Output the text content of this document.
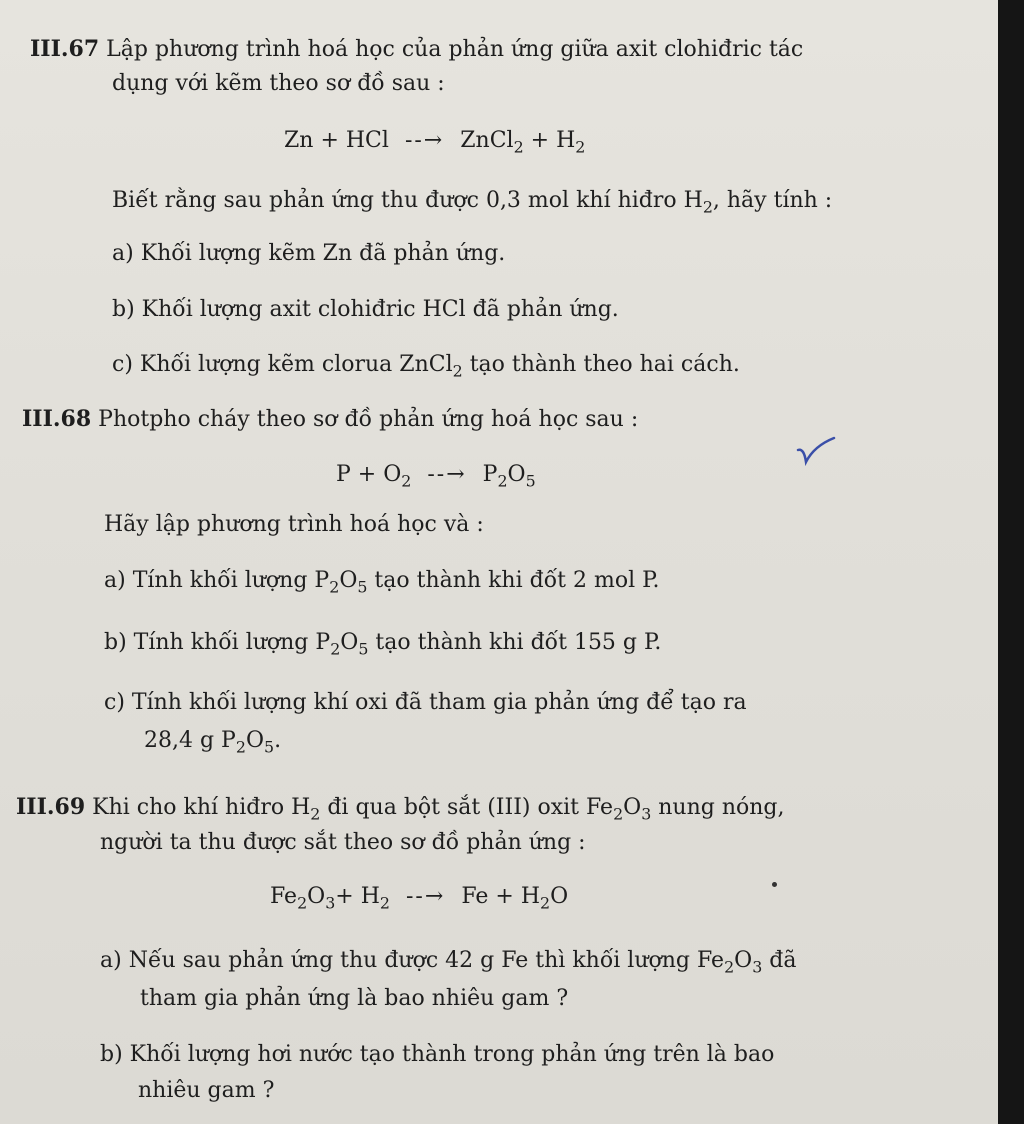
III.67 Lập phương trình hoá học của phản ứng giữa axit clohiđric tác
dụng với kẽm theo sơ đồ sau :
Zn + HCl --→ ZnCl$_2$ + $H_2$
Biết rằng sau phản ứng thu được 0,3 mol khí hiđro $H_2$, hãy tính :
a) Khối lượng kẽm Zn đã phản ứng.
b) Khối lượng axit clohiđric HCl đã phản ứng.
c) Khối lượng kẽm clorua ZnCl$_2$ tạo thành theo hai cách.
III.68 Photpho cháy theo sơ đồ phản ứng hoá học sau :
$P + O_2$ --→ $P_2O_5$
Hãy lập phương trình hoá học và :
a) Tính khối lượng $P_2O_5$ tạo thành khi đốt 2 mol P.
b) Tính khối lượng $P_2O_5$ tạo thành khi đốt 155 g P.
c) Tính khối lượng khí oxi đã tham gia phản ứng để tạo ra
28,4 g $P_2O_5$.
III.69 Khi cho khí hiđro $H_2$ đi qua bột sắt (III) oxit $Fe_2O_3$ nung nóng,
người ta thu được sắt theo sơ đồ phản ứng :
$Fe_2O_3+ H_2$ --→ $Fe + H_2O$
a) Nếu sau phản ứng thu được 42 g Fe thì khối lượng $Fe_2O_3$ đã
tham gia phản ứng là bao nhiêu gam ?
b) Khối lượng hơi nước tạo thành trong phản ứng trên là bao
nhiêu gam ?
